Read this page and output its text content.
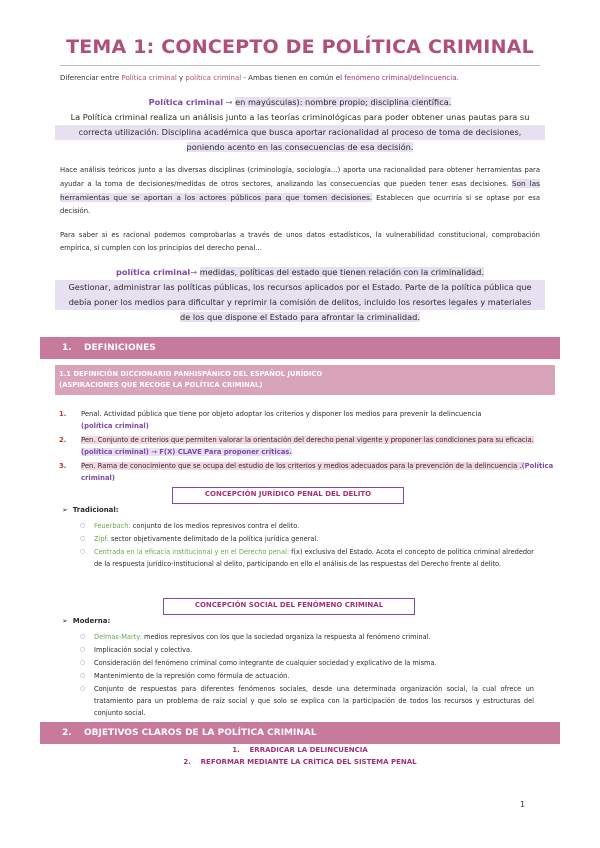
TEMA 1: CONCEPTO DE POLÍTICA CRIMINAL
Diferenciar entre Política criminal y política criminal - Ambas tienen en común el fenómeno criminal/delincuencia.
Política criminal → en mayúsculas): nombre propio; disciplina científica.
La Política criminal realiza un análisis junto a las teorías criminológicas para poder obtener unas pautas para su
correcta utilización. Disciplina académica que busca aportar racionalidad al proceso de toma de decisiones,
poniendo acento en las consecuencias de esa decisión.
Hace análisis teóricos junto a las diversas disciplinas (criminología, sociología…) aporta una racionalidad para obtener herramientas para ayudar a la toma de decisiones/medidas de otros sectores, analizando las consecuencias que pueden tener esas decisiones. Son las herramientas que se aportan a los actores públicos para que tomen decisiones. Establecen que ocurriría si se optase por esa decisión.
Para saber si es racional podemos comprobarlas a través de unos datos estadísticos, la vulnerabilidad constitucional, comprobación empírica, si cumplen con los principios del derecho penal…
política criminal→ medidas, políticas del estado que tienen relación con la criminalidad.
Gestionar, administrar las políticas públicas, los recursos aplicados por el Estado. Parte de la política pública que
debía poner los medios para dificultar y reprimir la comisión de delitos, incluido los resortes legales y materiales
de los que dispone el Estado para afrontar la criminalidad.
1. DEFINICIONES
1.1 DEFINICIÓN DICCIONARIO PANHISPÁNICO DEL ESPAÑOL JURÍDICO
(ASPIRACIONES QUE RECOGE LA POLÍTICA CRIMINAL)
1. Penal. Actividad pública que tiene por objeto adoptar los criterios y disponer los medios para prevenir la delincuencia
(política criminal)
2. Pen. Conjunto de criterios que permiten valorar la orientación del derecho penal vigente y proponer las condiciones para su eficacia. (política criminal) → F(X) CLAVE Para proponer críticas.
3. Pen. Rama de conocimiento que se ocupa del estudio de los criterios y medios adecuados para la prevención de la delincuencia .(Política criminal)
CONCEPCIÓN JURÍDICO PENAL DEL DELITO
➢  Tradicional:
○ Feuerbach: conjunto de los medios represivos contra el delito.
○ Zipf: sector objetivamente delimitado de la política jurídica general.
○ Centrada en la eficacia institucional y en el Derecho penal: f(x) exclusiva del Estado. Acota el concepto de política criminal alrededor de la respuesta jurídico-institucional al delito, participando en ello el análisis de las respuestas del Derecho frente al delito.
CONCEPCIÓN SOCIAL DEL FENÓMENO CRIMINAL
➢  Moderna:
○ Delmas-Marty: medios represivos con los que la sociedad organiza la respuesta al fenómeno criminal.
○ Implicación social y colectiva.
○ Consideración del fenómeno criminal como integrante de cualquier sociedad y explicativo de la misma.
○ Mantenimiento de la represión como fórmula de actuación.
○ Conjunto de respuestas para diferentes fenómenos sociales, desde una determinada organización social, la cual ofrece un tratamiento para un problema de raíz social y que solo se explica con la participación de todos los recursos y estructuras del conjunto social.
2. OBJETIVOS CLAROS DE LA POLÍTICA CRIMINAL
1. ERRADICAR LA DELINCUENCIA
2. REFORMAR MEDIANTE LA CRÍTICA DEL SISTEMA PENAL
1
